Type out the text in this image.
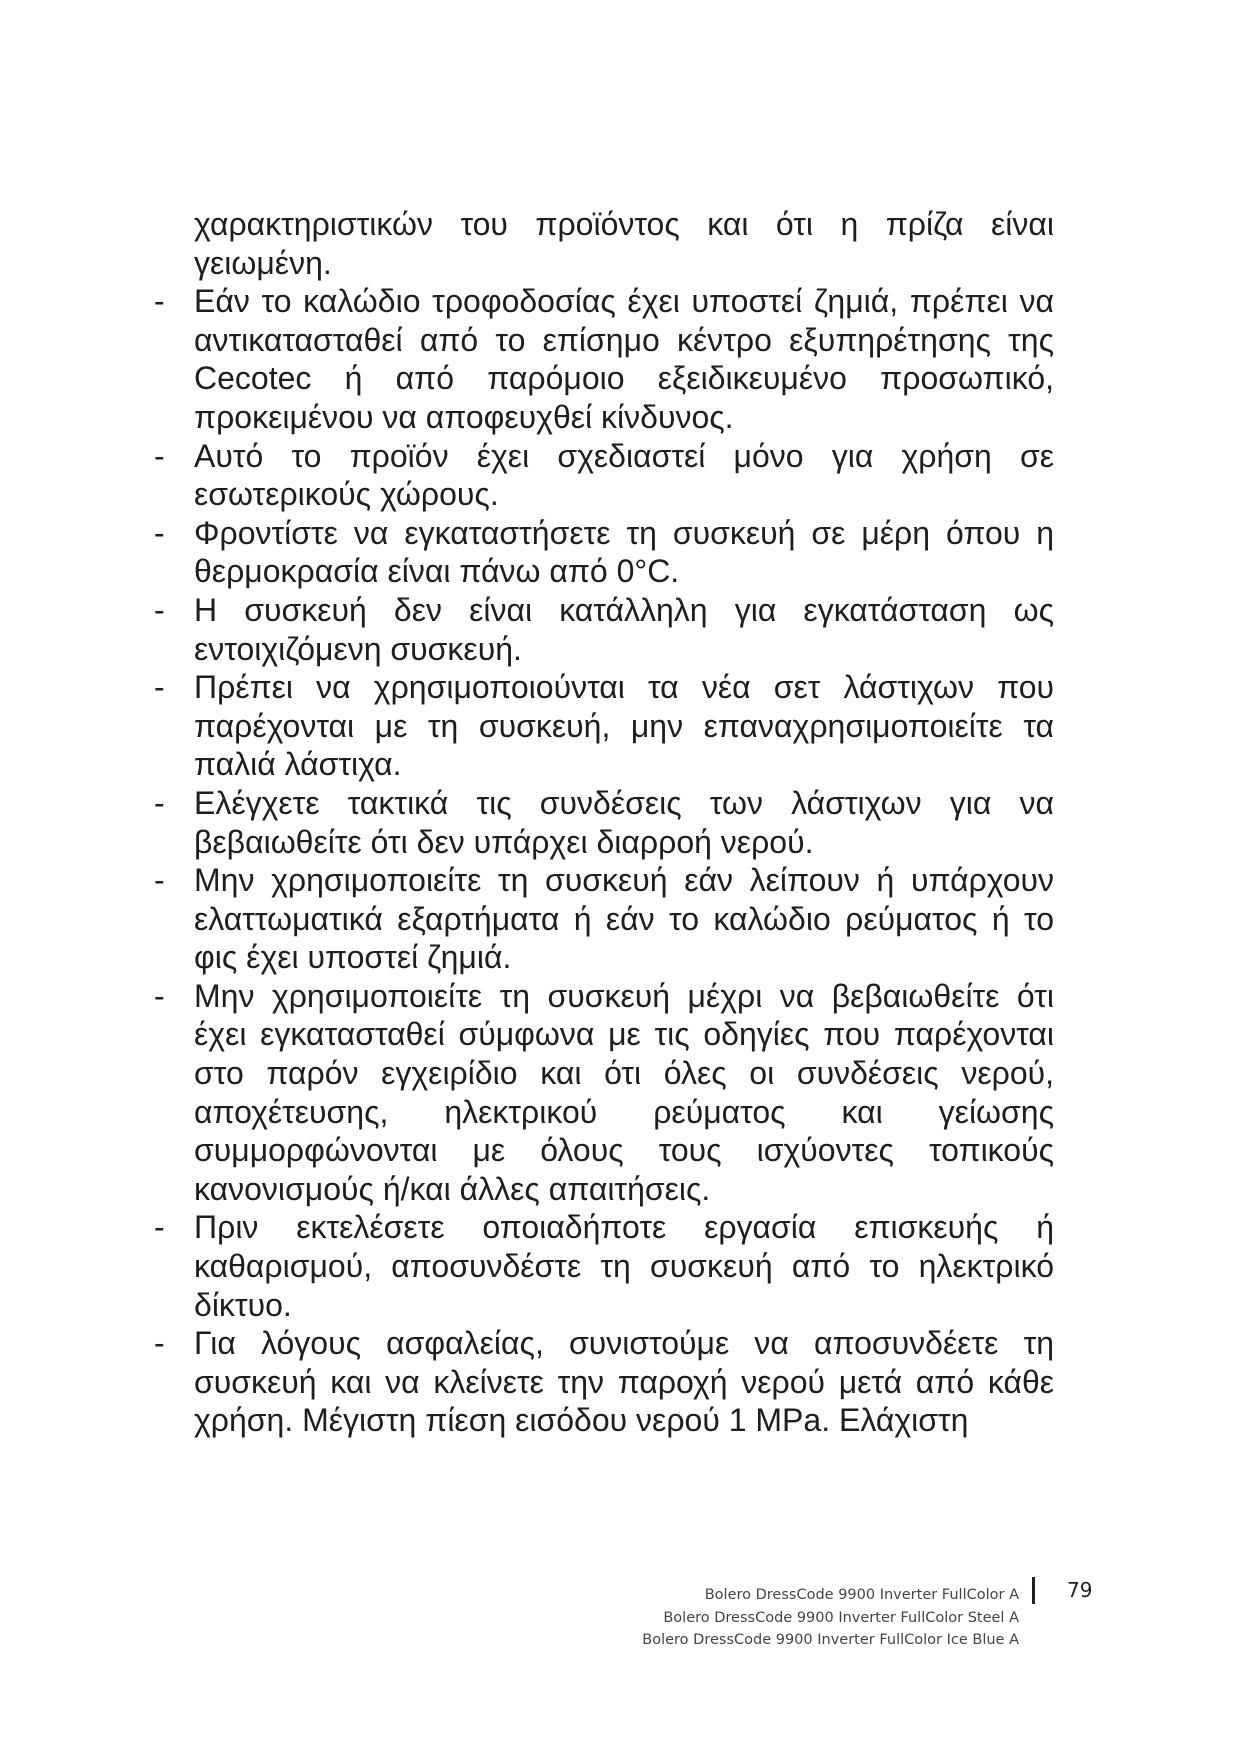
χαρακτηριστικών του προϊόντος και ότι η πρίζα είναι γειωμένη.
- Εάν το καλώδιο τροφοδοσίας έχει υποστεί ζημιά, πρέπει να αντικατασταθεί από το επίσημο κέντρο εξυπηρέτησης της Cecotec ή από παρόμοιο εξειδικευμένο προσωπικό, προκειμένου να αποφευχθεί κίνδυνος.
- Αυτό το προϊόν έχει σχεδιαστεί μόνο για χρήση σε εσωτερικούς χώρους.
- Φροντίστε να εγκαταστήσετε τη συσκευή σε μέρη όπου η θερμοκρασία είναι πάνω από 0°C.
- Η συσκευή δεν είναι κατάλληλη για εγκατάσταση ως εντοιχιζόμενη συσκευή.
- Πρέπει να χρησιμοποιούνται τα νέα σετ λάστιχων που παρέχονται με τη συσκευή, μην επαναχρησιμοποιείτε τα παλιά λάστιχα.
- Ελέγχετε τακτικά τις συνδέσεις των λάστιχων για να βεβαιωθείτε ότι δεν υπάρχει διαρροή νερού.
- Μην χρησιμοποιείτε τη συσκευή εάν λείπουν ή υπάρχουν ελαττωματικά εξαρτήματα ή εάν το καλώδιο ρεύματος ή το φις έχει υποστεί ζημιά.
- Μην χρησιμοποιείτε τη συσκευή μέχρι να βεβαιωθείτε ότι έχει εγκατασταθεί σύμφωνα με τις οδηγίες που παρέχονται στο παρόν εγχειρίδιο και ότι όλες οι συνδέσεις νερού, αποχέτευσης, ηλεκτρικού ρεύματος και γείωσης συμμορφώνονται με όλους τους ισχύοντες τοπικούς κανονισμούς ή/και άλλες απαιτήσεις.
- Πριν εκτελέσετε οποιαδήποτε εργασία επισκευής ή καθαρισμού, αποσυνδέστε τη συσκευή από το ηλεκτρικό δίκτυο.
- Για λόγους ασφαλείας, συνιστούμε να αποσυνδέετε τη συσκευή και να κλείνετε την παροχή νερού μετά από κάθε χρήση. Μέγιστη πίεση εισόδου νερού 1 MPa. Ελάχιστη
Bolero DressCode 9900 Inverter FullColor A
Bolero DressCode 9900 Inverter FullColor Steel A
Bolero DressCode 9900 Inverter FullColor Ice Blue A
79
